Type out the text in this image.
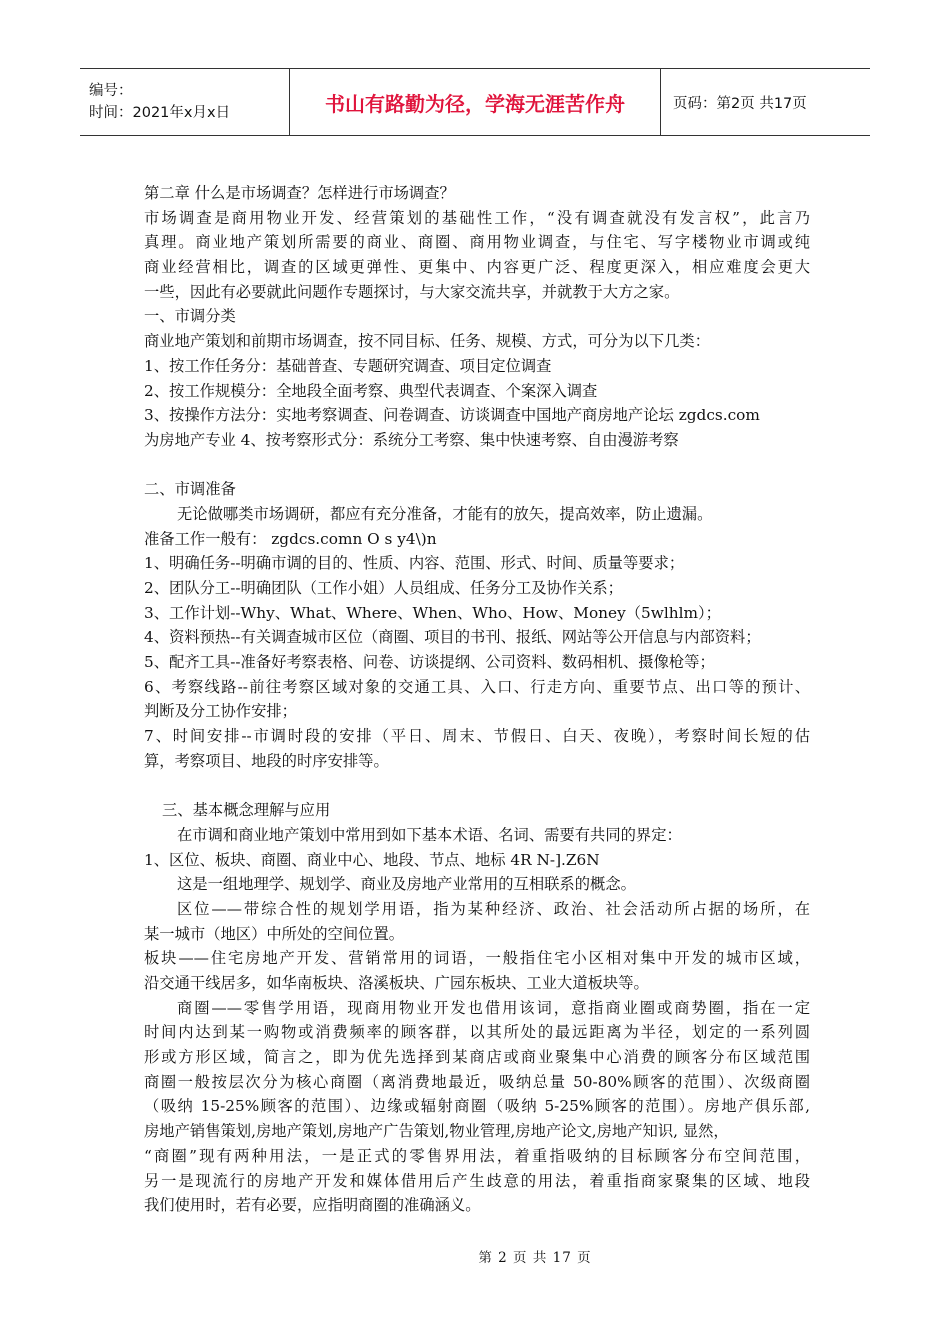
编号：
时间：2021年x月x日	书山有路勤为径，学海无涯苦作舟	页码：第2页 共17页
第二章 什么是市场调查？怎样进行市场调查？
市场调查是商用物业开发、经营策划的基础性工作，“没有调查就没有发言权”，此言乃
真理。商业地产策划所需要的商业、商圈、商用物业调查，与住宅、写字楼物业市调或纯
商业经营相比，调查的区域更弹性、更集中、内容更广泛、程度更深入，相应难度会更大
一些，因此有必要就此问题作专题探讨，与大家交流共享，并就教于大方之家。
一、市调分类
商业地产策划和前期市场调查，按不同目标、任务、规模、方式，可分为以下几类：
1、按工作任务分：基础普查、专题研究调查、项目定位调查
2、按工作规模分：全地段全面考察、典型代表调查、个案深入调查
3、按操作方法分：实地考察调查、问卷调查、访谈调查中国地产商房地产论坛 zgdcs.com
为房地产专业 4、按考察形式分：系统分工考察、集中快速考察、自由漫游考察
二、市调准备
无论做哪类市场调研，都应有充分准备，才能有的放矢，提高效率，防止遗漏。
准备工作一般有： zgdcs.comn O s y4\)n
1、明确任务--明确市调的目的、性质、内容、范围、形式、时间、质量等要求；
2、团队分工--明确团队（工作小姐）人员组成、任务分工及协作关系；
3、工作计划--Why、What、Where、When、Who、How、Money（5wlhlm）；
4、资料预热--有关调查城市区位（商圈、项目的书刊、报纸、网站等公开信息与内部资料；
5、配齐工具--准备好考察表格、问卷、访谈提纲、公司资料、数码相机、摄像枪等；
6、考察线路--前往考察区域对象的交通工具、入口、行走方向、重要节点、出口等的预计、
判断及分工协作安排；
7、时间安排--市调时段的安排（平日、周末、节假日、白天、夜晚），考察时间长短的估
算，考察项目、地段的时序安排等。
三、基本概念理解与应用
在市调和商业地产策划中常用到如下基本术语、名词、需要有共同的界定：
1、区位、板块、商圈、商业中心、地段、节点、地标 4R N-].Z6N
这是一组地理学、规划学、商业及房地产业常用的互相联系的概念。
区位——带综合性的规划学用语，指为某种经济、政治、社会活动所占据的场所，在
某一城市（地区）中所处的空间位置。
板块——住宅房地产开发、营销常用的词语，一般指住宅小区相对集中开发的城市区域，
沿交通干线居多，如华南板块、洛溪板块、广园东板块、工业大道板块等。
商圈——零售学用语，现商用物业开发也借用该词，意指商业圈或商势圈，指在一定
时间内达到某一购物或消费频率的顾客群，以其所处的最远距离为半径，划定的一系列圆
形或方形区域，简言之，即为优先选择到某商店或商业聚集中心消费的顾客分布区域范围
商圈一般按层次分为核心商圈（离消费地最近，吸纳总量 50-80%顾客的范围）、次级商圈
（吸纳 15-25%顾客的范围）、边缘或辐射商圈（吸纳 5-25%顾客的范围）。房地产俱乐部,
房地产销售策划,房地产策划,房地产广告策划,物业管理,房地产论文,房地产知识, 显然，
“商圈”现有两种用法，一是正式的零售界用法，着重指吸纳的目标顾客分布空间范围，
另一是现流行的房地产开发和媒体借用后产生歧意的用法，着重指商家聚集的区域、地段
我们使用时，若有必要，应指明商圈的准确涵义。
第 2 页 共 17 页
